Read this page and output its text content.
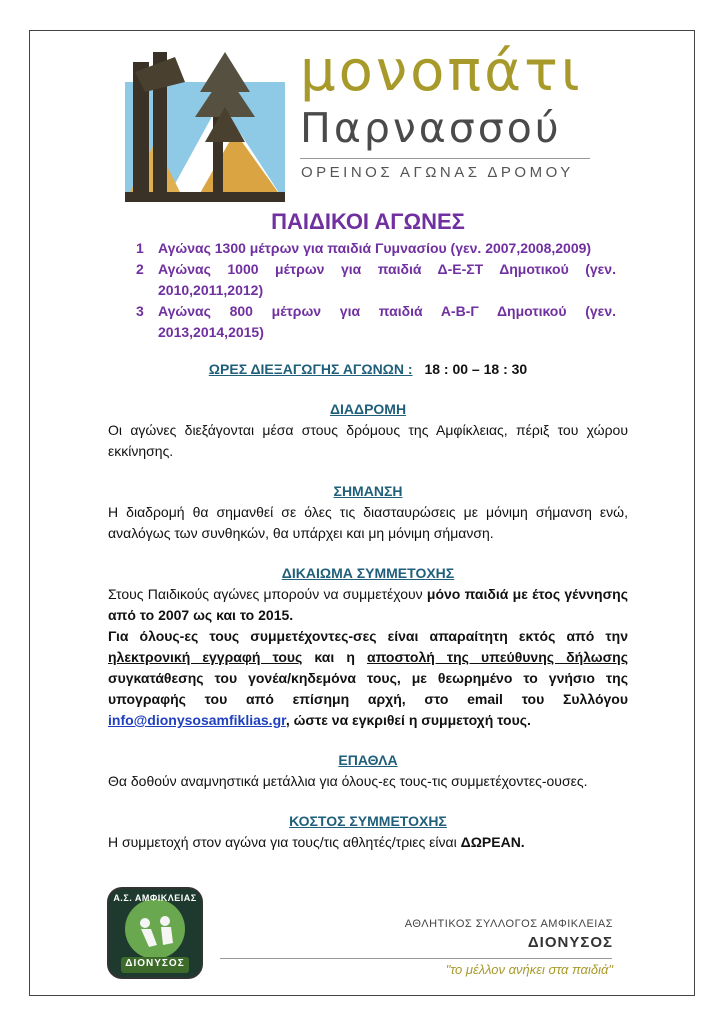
μονοπάτι
Παρνασσού
ΟΡΕΙΝΟΣ ΑΓΩΝΑΣ ΔΡΟΜΟΥ
ΠΑΙΔΙΚΟΙ ΑΓΩΝΕΣ
1 Αγώνας 1300 μέτρων για παιδιά Γυμνασίου (γεν. 2007,2008,2009)
2 Αγώνας 1000 μέτρων για παιδιά Δ-Ε-ΣΤ Δημοτικού (γεν. 2010,2011,2012)
3 Αγώνας 800 μέτρων για παιδιά Α-Β-Γ Δημοτικού (γεν. 2013,2014,2015)
ΩΡΕΣ ΔΙΕΞΑΓΩΓΗΣ ΑΓΩΝΩΝ : 18 : 00 – 18 : 30
ΔΙΑΔΡΟΜΗ

Οι αγώνες διεξάγονται μέσα στους δρόμους της Αμφίκλειας, πέριξ του χώρου εκκίνησης.

ΣΗΜΑΝΣΗ

Η διαδρομή θα σημανθεί σε όλες τις διασταυρώσεις με μόνιμη σήμανση ενώ, αναλόγως των συνθηκών, θα υπάρχει και μη μόνιμη σήμανση.

ΔΙΚΑΙΩΜΑ ΣΥΜΜΕΤΟΧΗΣ

Στους Παιδικούς αγώνες μπορούν να συμμετέχουν μόνο παιδιά με έτος γέννησης από το 2007 ως και το 2015.

Για όλους-ες τους συμμετέχοντες-σες είναι απαραίτητη εκτός από την ηλεκτρονική εγγραφή τους και η αποστολή της υπεύθυνης δήλωσης συγκατάθεσης του γονέα/κηδεμόνα τους, με θεωρημένο το γνήσιο της υπογραφής του από επίσημη αρχή, στο email του Συλλόγου info@dionysosamfiklias.gr, ώστε να εγκριθεί η συμμετοχή τους.

ΕΠΑΘΛΑ

Θα δοθούν αναμνηστικά μετάλλια για όλους-ες τους-τις συμμετέχοντες-ουσες.

ΚΟΣΤΟΣ ΣΥΜΜΕΤΟΧΗΣ

Η συμμετοχή στον αγώνα για τους/τις αθλητές/τριες είναι ΔΩΡΕΑΝ.

Α.Σ. ΑΜΦΙΚΛΕΙΑΣ
ΔΙΟΝΥΣΟΣ
ΑΘΛΗΤΙΚΟΣ ΣΥΛΛΟΓΟΣ ΑΜΦΙΚΛΕΙΑΣ
ΔΙΟΝΥΣΟΣ
"το μέλλον ανήκει στα παιδιά"
